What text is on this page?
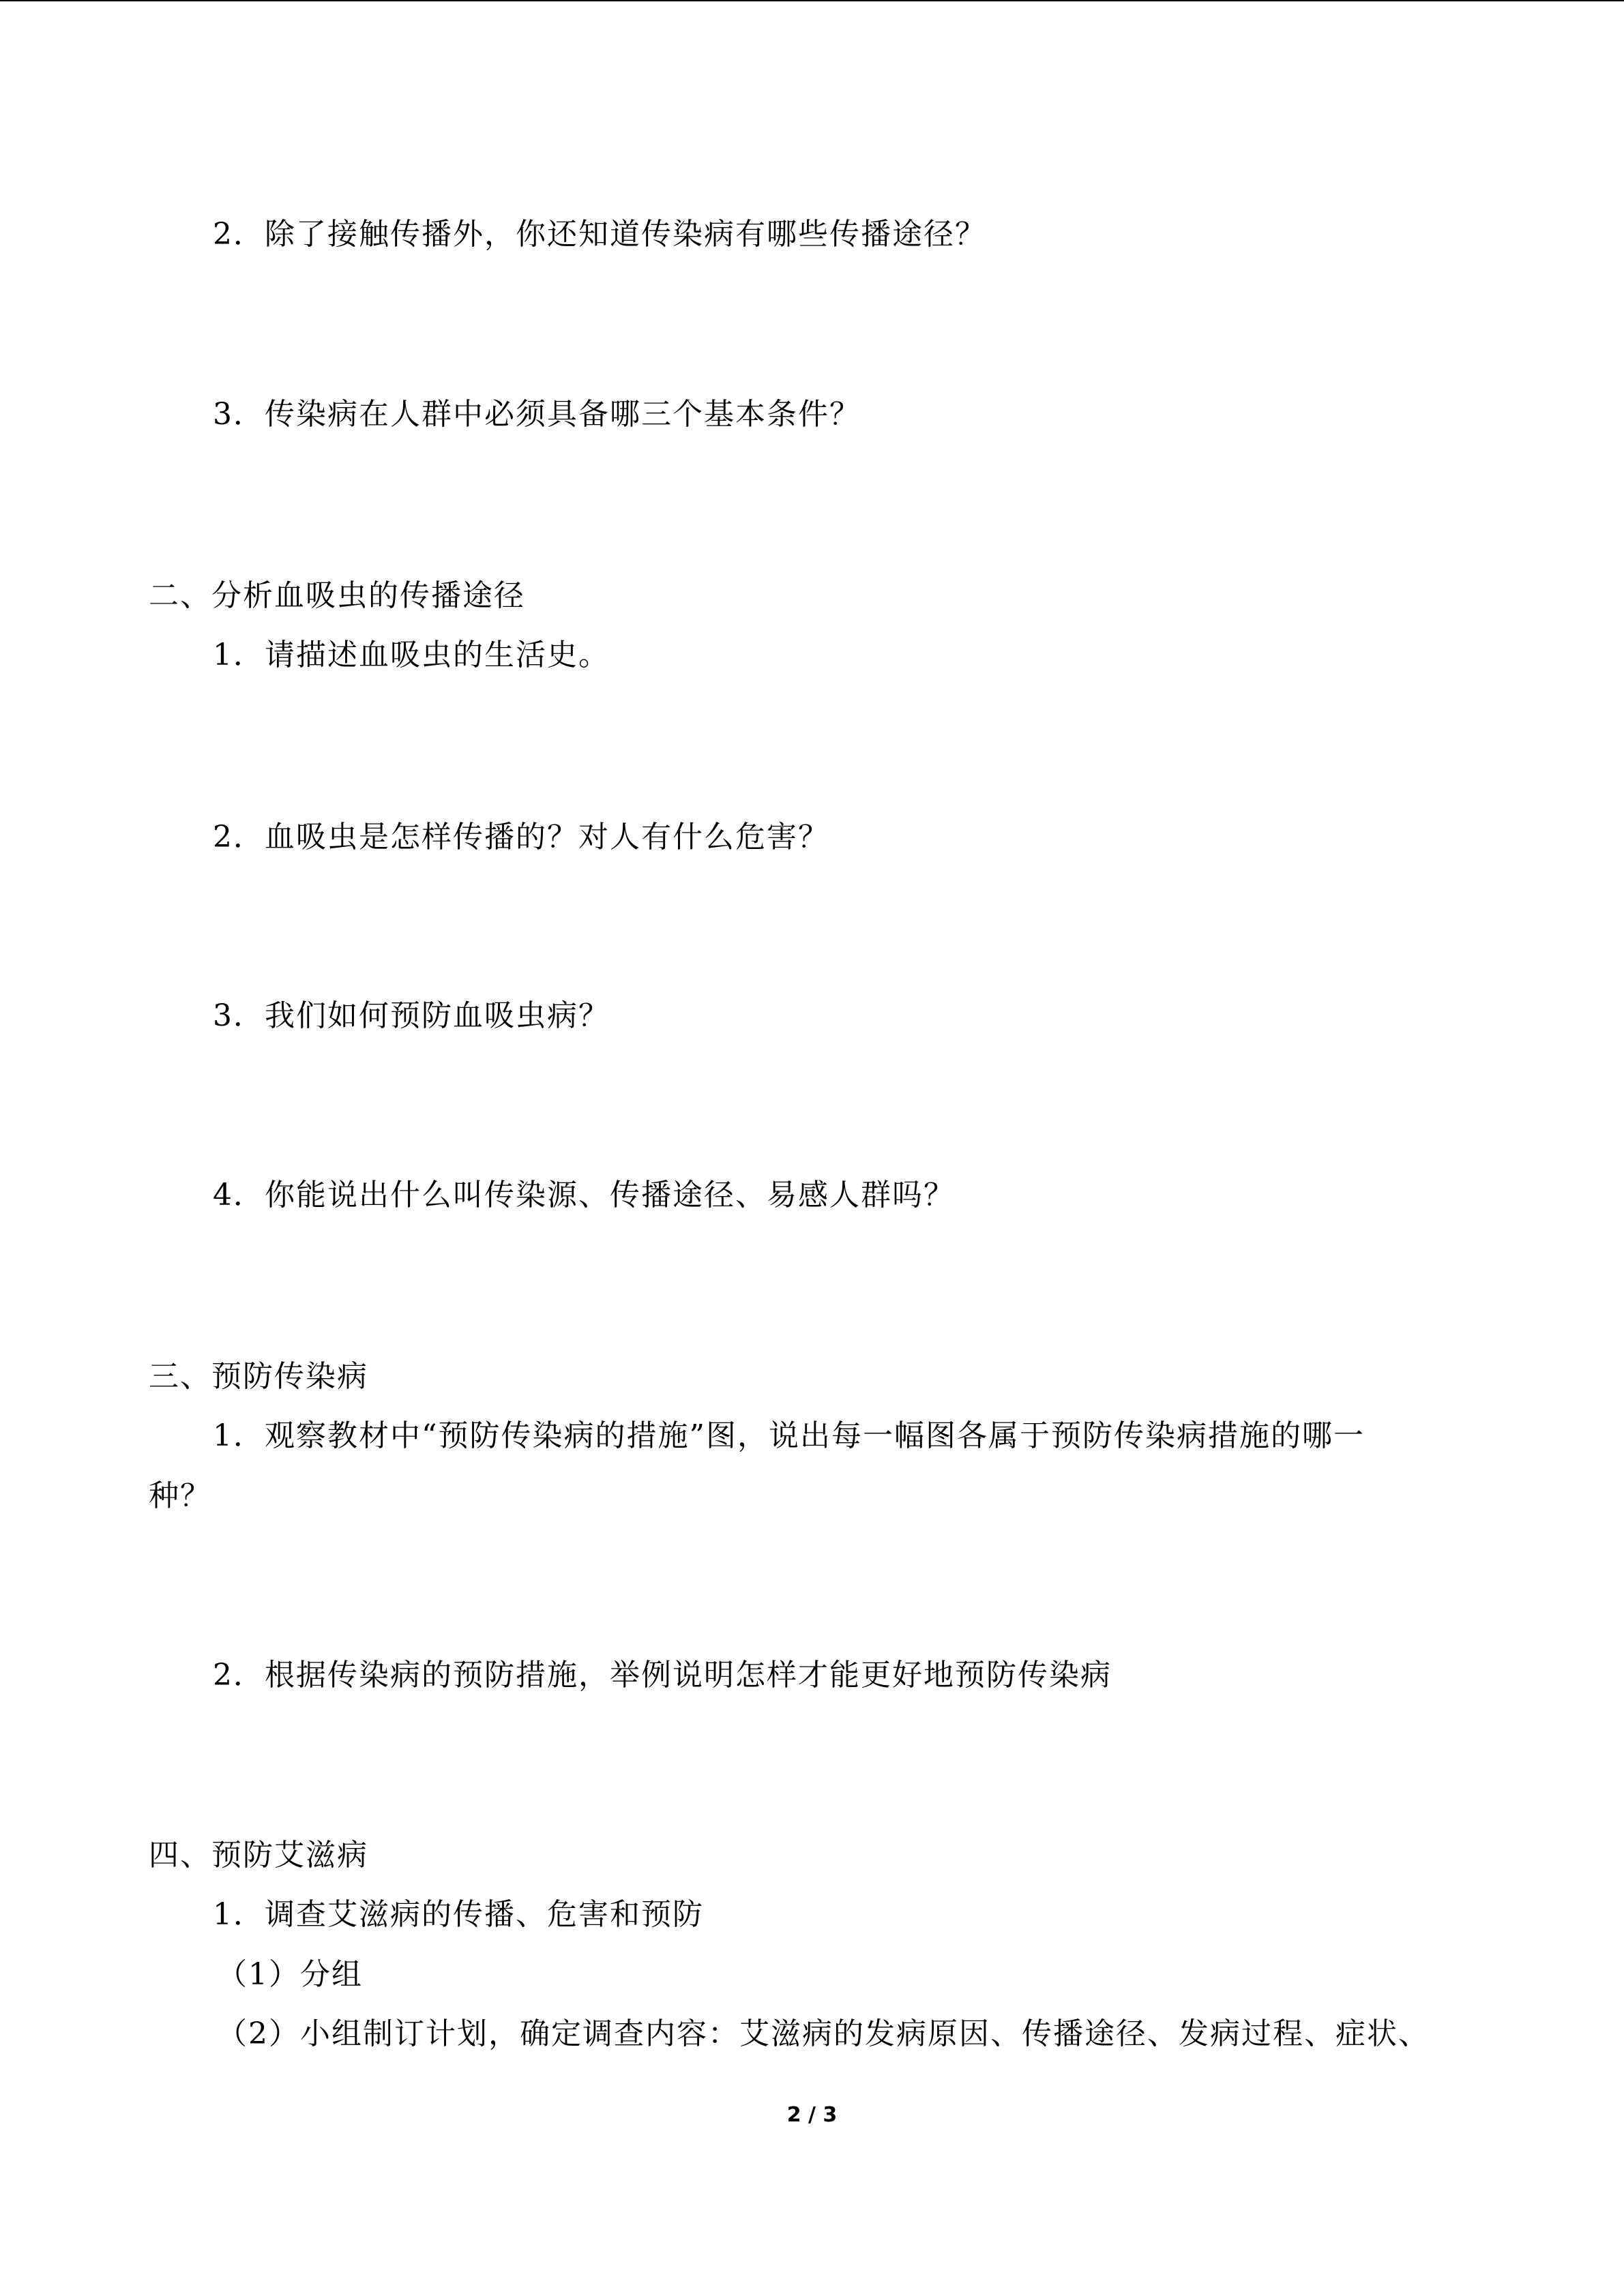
2．除了接触传播外，你还知道传染病有哪些传播途径？
3．传染病在人群中必须具备哪三个基本条件？
二、分析血吸虫的传播途径
1．请描述血吸虫的生活史。
2．血吸虫是怎样传播的？对人有什么危害？
3．我们如何预防血吸虫病？
4．你能说出什么叫传染源、传播途径、易感人群吗？
三、预防传染病
1．观察教材中“预防传染病的措施”图，说出每一幅图各属于预防传染病措施的哪一
种？
2．根据传染病的预防措施，举例说明怎样才能更好地预防传染病
四、预防艾滋病
1．调查艾滋病的传播、危害和预防
（1）分组
（2）小组制订计划，确定调查内容：艾滋病的发病原因、传播途径、发病过程、症状、
2 / 3
